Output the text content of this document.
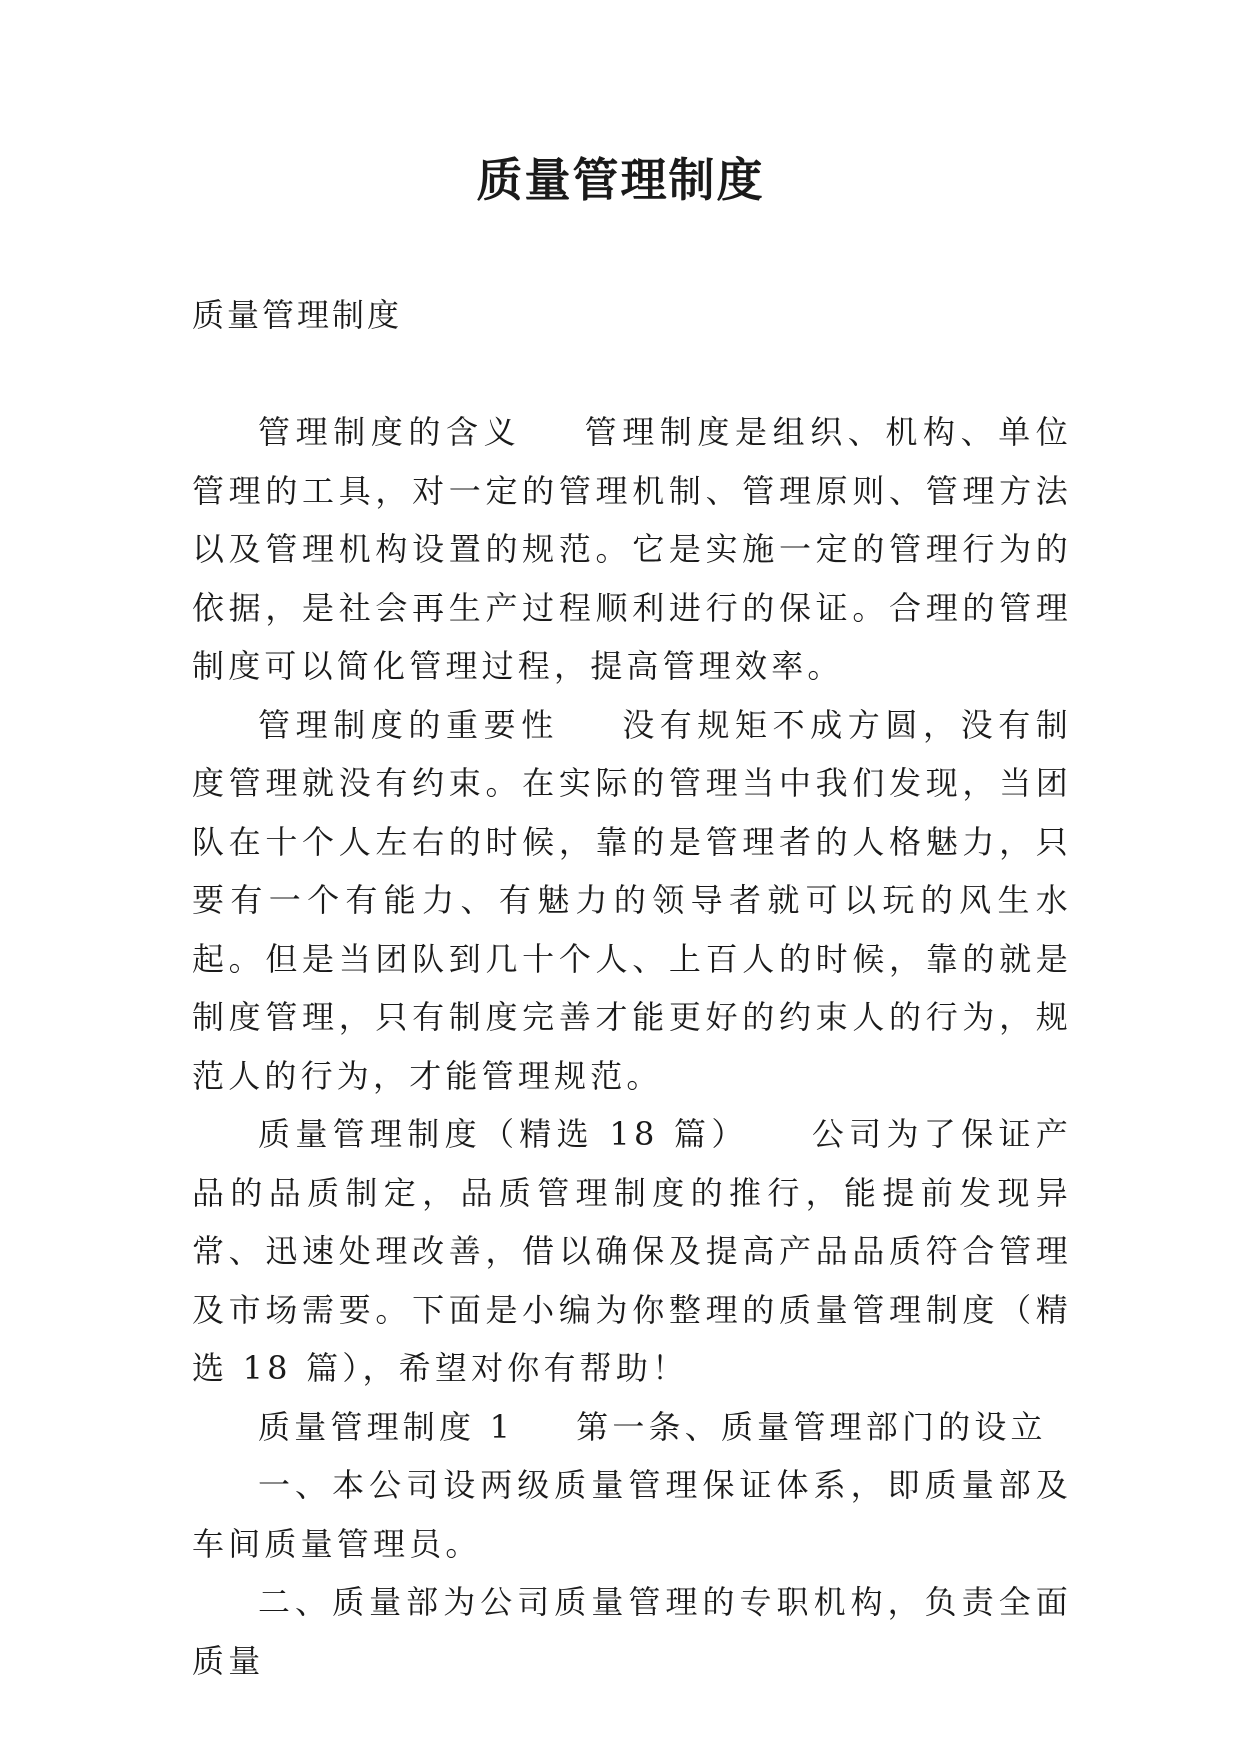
质量管理制度
质量管理制度

管理制度的含义 管理制度是组织、机构、单位管理的工具，对一定的管理机制、管理原则、管理方法以及管理机构设置的规范。它是实施一定的管理行为的依据，是社会再生产过程顺利进行的保证。合理的管理制度可以简化管理过程，提高管理效率。

管理制度的重要性 没有规矩不成方圆，没有制度管理就没有约束。在实际的管理当中我们发现，当团队在十个人左右的时候，靠的是管理者的人格魅力，只要有一个有能力、有魅力的领导者就可以玩的风生水起。但是当团队到几十个人、上百人的时候，靠的就是制度管理，只有制度完善才能更好的约束人的行为，规范人的行为，才能管理规范。

质量管理制度（精选 18 篇） 公司为了保证产品的品质制定，品质管理制度的推行，能提前发现异常、迅速处理改善，借以确保及提高产品品质符合管理及市场需要。下面是小编为你整理的质量管理制度（精选 18 篇），希望对你有帮助！

质量管理制度 1 第一条、质量管理部门的设立

一、本公司设两级质量管理保证体系，即质量部及车间质量管理员。

二、质量部为公司质量管理的专职机构，负责全面质量
